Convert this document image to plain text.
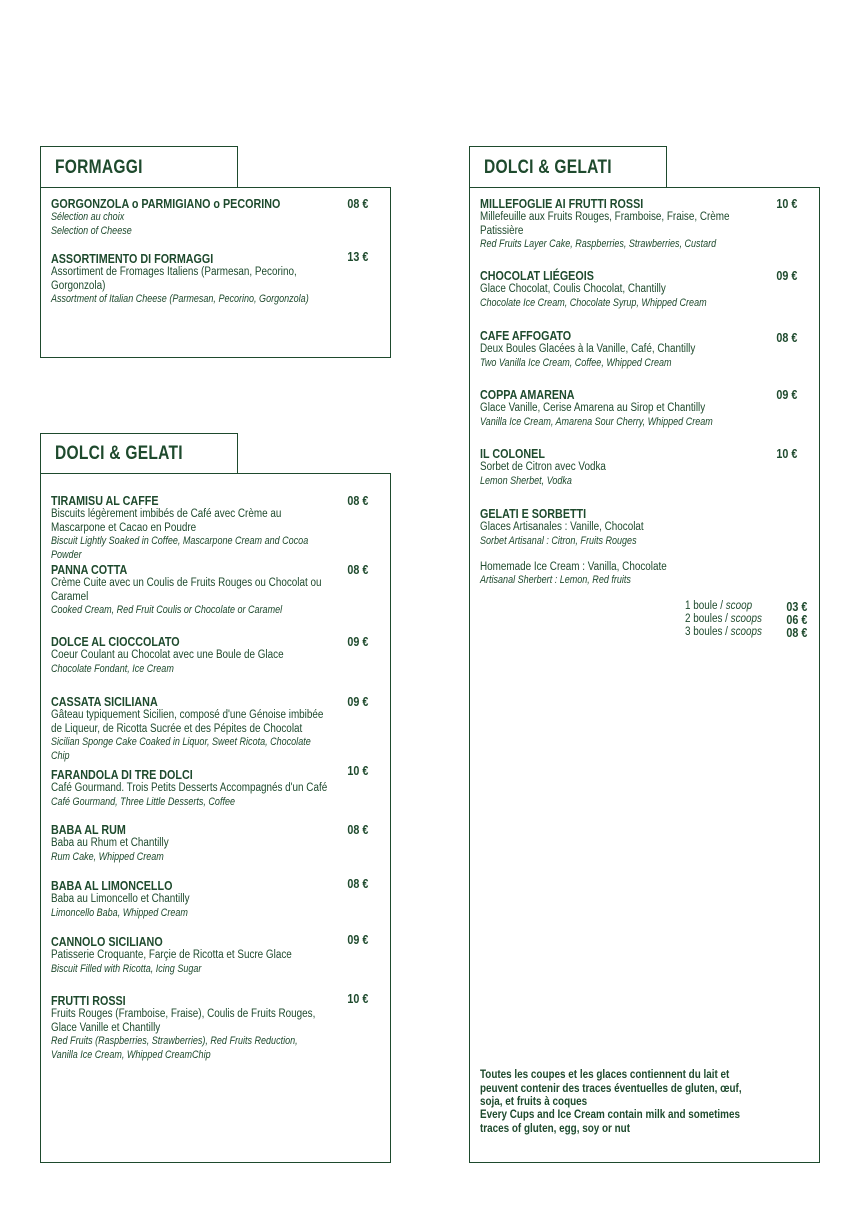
GORGONZOLA o PARMIGIANO o PECORINO
Sélection au choix
Selection of Cheese
08 €
ASSORTIMENTO DI FORMAGGI
Assortiment de Fromages Italiens (Parmesan, Pecorino, Gorgonzola)
Assortment of Italian Cheese (Parmesan, Pecorino, Gorgonzola)
13 €
FORMAGGI
TIRAMISU AL CAFFE
Biscuits légèrement imbibés de Café avec Crème au Mascarpone et Cacao en Poudre
Biscuit Lightly Soaked in Coffee, Mascarpone Cream and Cocoa Powder
08 €
PANNA COTTA
Crème Cuite avec un Coulis de Fruits Rouges ou Chocolat ou Caramel
Cooked Cream, Red Fruit Coulis or Chocolate or Caramel
08 €
DOLCE AL CIOCCOLATO
Coeur Coulant au Chocolat avec une Boule de Glace
Chocolate Fondant, Ice Cream
09 €
CASSATA SICILIANA
Gâteau typiquement Sicilien, composé d'une Génoise imbibée de Liqueur, de Ricotta Sucrée et des Pépites de Chocolat
Sicilian Sponge Cake Coaked in Liquor, Sweet Ricota, Chocolate Chip
09 €
FARANDOLA DI TRE DOLCI
Café Gourmand. Trois Petits Desserts Accompagnés d'un Café
Café Gourmand, Three Little Desserts, Coffee
10 €
BABA AL RUM
Baba au Rhum et Chantilly
Rum Cake, Whipped Cream
08 €
BABA AL LIMONCELLO
Baba au Limoncello et Chantilly
Limoncello Baba, Whipped Cream
08 €
CANNOLO SICILIANO
Patisserie Croquante, Farçie de Ricotta et Sucre Glace
Biscuit Filled with Ricotta, Icing Sugar
09 €
FRUTTI ROSSI
Fruits Rouges (Framboise, Fraise), Coulis de Fruits Rouges, Glace Vanille et Chantilly
Red Fruits (Raspberries, Strawberries), Red Fruits Reduction, Vanilla Ice Cream, Whipped CreamChip
10 €
DOLCI & GELATI
MILLEFOGLIE AI FRUTTI ROSSI
Millefeuille aux Fruits Rouges, Framboise, Fraise, Crème Patissière
Red Fruits Layer Cake, Raspberries, Strawberries, Custard
10 €
CHOCOLAT LIÉGEOIS
Glace Chocolat, Coulis Chocolat, Chantilly
Chocolate Ice Cream, Chocolate Syrup, Whipped Cream
09 €
CAFE AFFOGATO
Deux Boules Glacées à la Vanille, Café, Chantilly
Two Vanilla Ice Cream, Coffee, Whipped Cream
08 €
COPPA AMARENA
Glace Vanille, Cerise Amarena au Sirop et Chantilly
Vanilla Ice Cream, Amarena Sour Cherry, Whipped Cream
09 €
IL COLONEL
Sorbet de Citron avec Vodka
Lemon Sherbet, Vodka
10 €
GELATI E SORBETTI
Glaces Artisanales : Vanille, Chocolat
Sorbet Artisanal : Citron, Fruits Rouges
Homemade Ice Cream : Vanilla, Chocolate
Artisanal Sherbert : Lemon, Red fruits
1 boule / scoop
2 boules / scoops
3 boules / scoops
03 €
06 €
08 €
Toutes les coupes et les glaces contiennent du lait et peuvent contenir des traces éventuelles de gluten, œuf, soja, et fruits à coques
Every Cups and Ice Cream contain milk and sometimes traces of gluten, egg, soy or nut
DOLCI & GELATI
